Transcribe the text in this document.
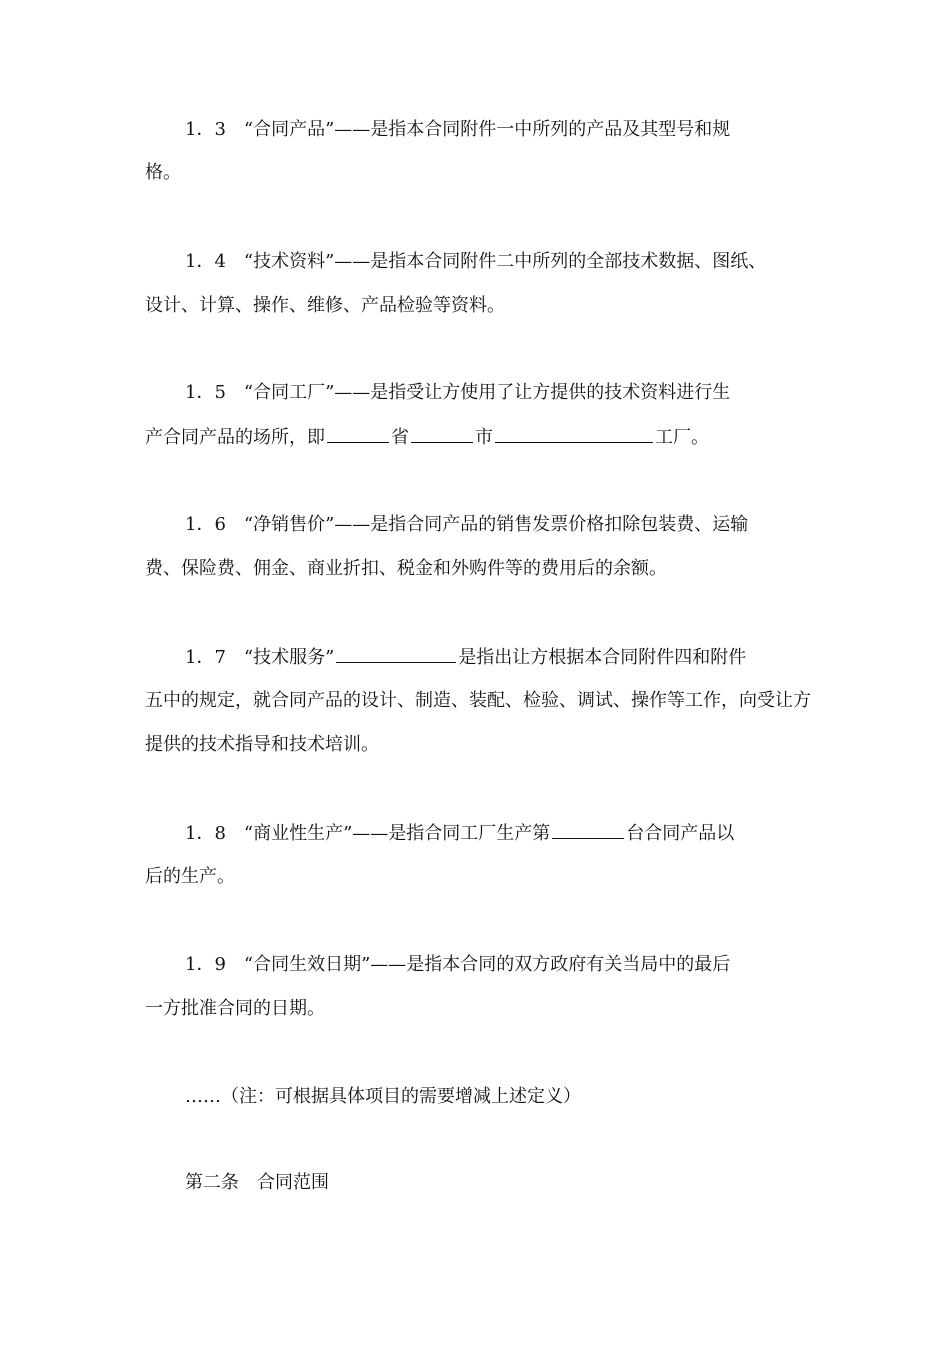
1．3　“合同产品”——是指本合同附件一中所列的产品及其型号和规
格。
1．4　“技术资料”——是指本合同附件二中所列的全部技术数据、图纸、
设计、计算、操作、维修、产品检验等资料。
1．5　“合同工厂”——是指受让方使用了让方提供的技术资料进行生
产合同产品的场所，即	省	市	工厂。
1．6　“净销售价”——是指合同产品的销售发票价格扣除包装费、运输
费、保险费、佣金、商业折扣、税金和外购件等的费用后的余额。
1．7　“技术服务”	是指出让方根据本合同附件四和附件
五中的规定，就合同产品的设计、制造、装配、检验、调试、操作等工作，向受让方
提供的技术指导和技术培训。
1．8　“商业性生产”——是指合同工厂生产第	台合同产品以
后的生产。
1．9　“合同生效日期”——是指本合同的双方政府有关当局中的最后
一方批准合同的日期。
……（注：可根据具体项目的需要增减上述定义）
第二条　合同范围
